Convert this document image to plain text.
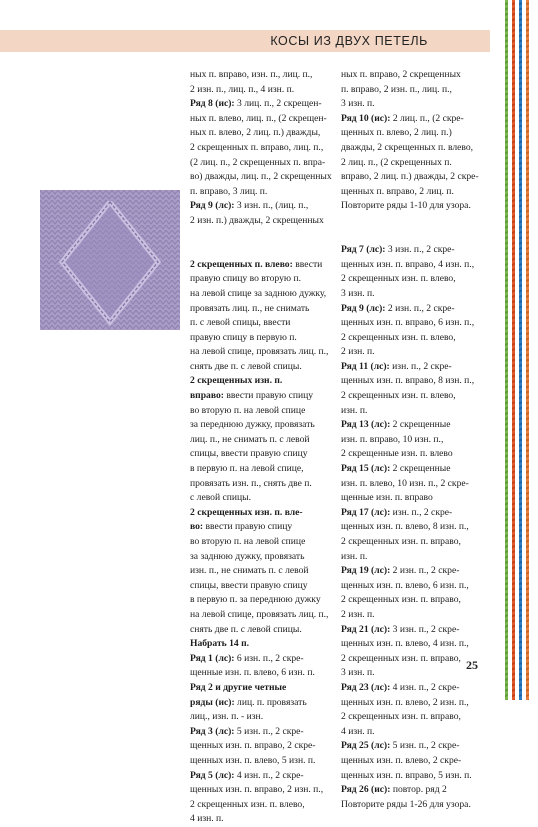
КОСЫ ИЗ ДВУХ ПЕТЕЛЬ
ных п. вправо, изн. п., лиц. п.,
2 изн. п., лиц. п., 4 изн. п.
Ряд 8 (ис): 3 лиц. п., 2 скрещен-
ных п. влево, лиц. п., (2 скрещен-
ных п. влево, 2 лиц. п.) дважды,
2 скрещенных п. вправо, лиц. п.,
(2 лиц. п., 2 скрещенных п. впра-
во) дважды, лиц. п., 2 скрещенных
п. вправо, 3 лиц. п.
Ряд 9 (лс): 3 изн. п., (лиц. п.,
2 изн. п.) дважды, 2 скрещенных
2 скрещенных п. влево: ввести
правую спицу во вторую п.
на левой спице за заднюю дужку,
провязать лиц. п., не снимать
п. с левой спицы, ввести
правую спицу в первую п.
на левой спице, провязать лиц. п.,
снять две п. с левой спицы.
2 скрещенных изн. п.
вправо: ввести правую спицу
во вторую п. на левой спице
за переднюю дужку, провязать
лиц. п., не снимать п. с левой
спицы, ввести правую спицу
в первую п. на левой спице,
провязать изн. п., снять две п.
с левой спицы.
2 скрещенных изн. п. вле-
во: ввести правую спицу
во вторую п. на левой спице
за заднюю дужку, провязать
изн. п., не снимать п. с левой
спицы, ввести правую спицу
в первую п. за переднюю дужку
на левой спице, провязать лиц. п.,
снять две п. с левой спицы.
Набрать 14 п.
Ряд 1 (лс): 6 изн. п., 2 скре-
щенные изн. п. влево, 6 изн. п.
Ряд 2 и другие четные
ряды (ис): лиц. п. провязать
лиц., изн. п. - изн.
Ряд 3 (лс): 5 изн. п., 2 скре-
щенных изн. п. вправо, 2 скре-
щенных изн. п. влево, 5 изн. п.
Ряд 5 (лс): 4 изн. п., 2 скре-
щенных изн. п. вправо, 2 изн. п.,
2 скрещенных изн. п. влево,
4 изн. п.
ных п. вправо, 2 скрещенных
п. вправо, 2 изн. п., лиц. п.,
3 изн. п.
Ряд 10 (ис): 2 лиц. п., (2 скре-
щенных п. влево, 2 лиц. п.)
дважды, 2 скрещенных п. влево,
2 лиц. п., (2 скрещенных п.
вправо, 2 лиц. п.) дважды, 2 скре-
щенных п. вправо, 2 лиц. п.
Повторите ряды 1-10 для узора.
Ряд 7 (лс): 3 изн. п., 2 скре-
щенных изн. п. вправо, 4 изн. п.,
2 скрещенных изн. п. влево,
3 изн. п.
Ряд 9 (лс): 2 изн. п., 2 скре-
щенных изн. п. вправо, 6 изн. п.,
2 скрещенных изн. п. влево,
2 изн. п.
Ряд 11 (лс): изн. п., 2 скре-
щенных изн. п. вправо, 8 изн. п.,
2 скрещенных изн. п. влево,
изн. п.
Ряд 13 (лс): 2 скрещенные
изн. п. вправо, 10 изн. п.,
2 скрещенные изн. п. влево
Ряд 15 (лс): 2 скрещенные
изн. п. влево, 10 изн. п., 2 скре-
щенные изн. п. вправо
Ряд 17 (лс): изн. п., 2 скре-
щенных изн. п. влево, 8 изн. п.,
2 скрещенных изн. п. вправо,
изн. п.
Ряд 19 (лс): 2 изн. п., 2 скре-
щенных изн. п. влево, 6 изн. п.,
2 скрещенных изн. п. вправо,
2 изн. п.
Ряд 21 (лс): 3 изн. п., 2 скре-
щенных изн. п. влево, 4 изн. п.,
2 скрещенных изн. п. вправо,
3 изн. п.
Ряд 23 (лс): 4 изн. п., 2 скре-
щенных изн. п. влево, 2 изн. п.,
2 скрещенных изн. п. вправо,
4 изн. п.
Ряд 25 (лс): 5 изн. п., 2 скре-
щенных изн. п. влево, 2 скре-
щенных изн. п. вправо, 5 изн. п.
Ряд 26 (ис): повтор. ряд 2
Повторите ряды 1-26 для узора.
25
